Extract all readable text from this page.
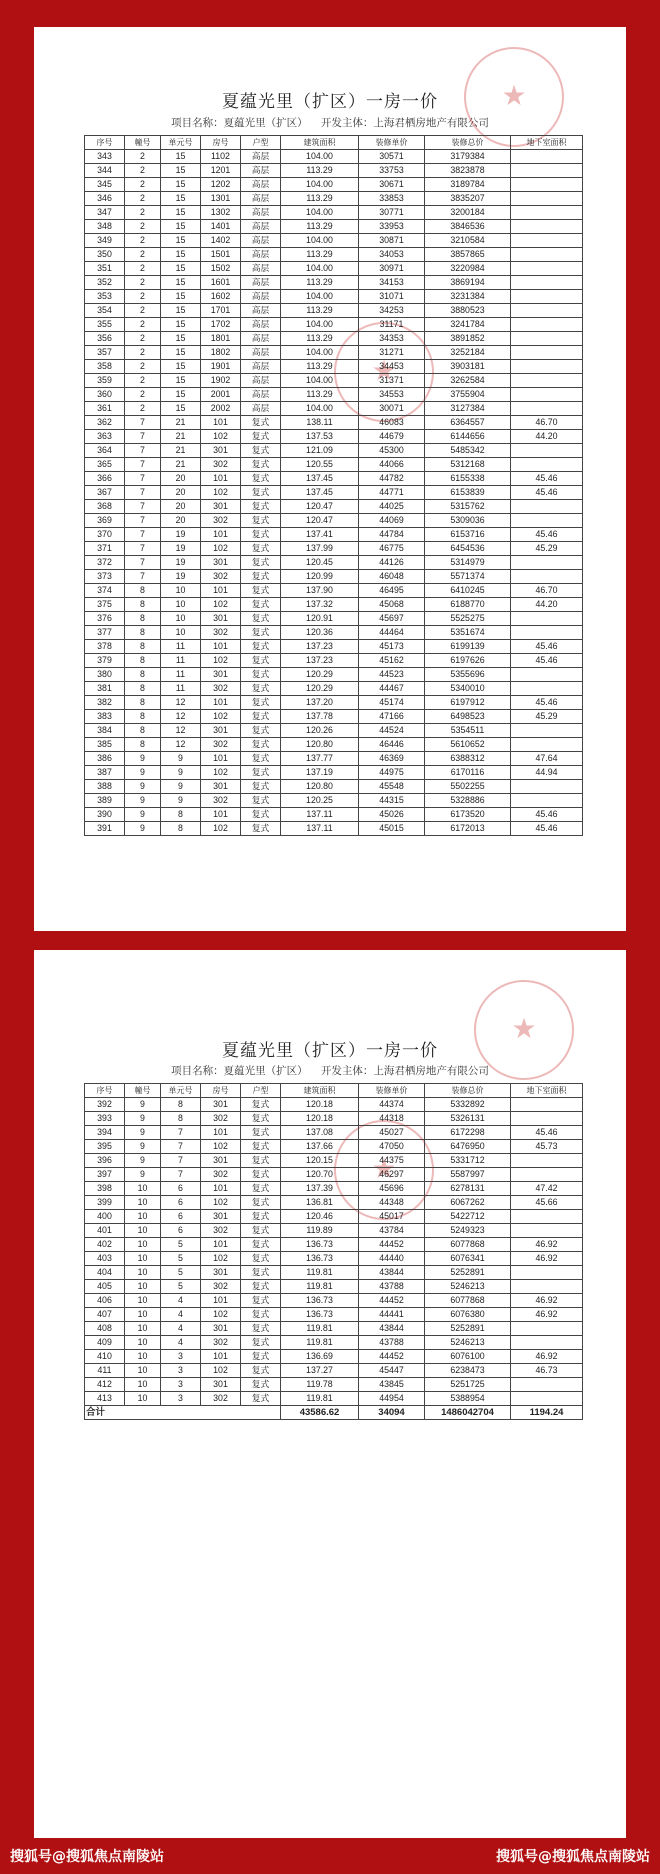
夏蕴光里（扩区）一房一价
项目名称：夏蕴光里（扩区） 开发主体：上海君栖房地产有限公司
★
★
序号	幢号	单元号	房号	户型	建筑面积	装修单价	装修总价	地下室面积
343	2	15	1102	高层	104.00	30571	3179384	
344	2	15	1201	高层	113.29	33753	3823878	
345	2	15	1202	高层	104.00	30671	3189784	
346	2	15	1301	高层	113.29	33853	3835207	
347	2	15	1302	高层	104.00	30771	3200184	
348	2	15	1401	高层	113.29	33953	3846536	
349	2	15	1402	高层	104.00	30871	3210584	
350	2	15	1501	高层	113.29	34053	3857865	
351	2	15	1502	高层	104.00	30971	3220984	
352	2	15	1601	高层	113.29	34153	3869194	
353	2	15	1602	高层	104.00	31071	3231384	
354	2	15	1701	高层	113.29	34253	3880523	
355	2	15	1702	高层	104.00	31171	3241784	
356	2	15	1801	高层	113.29	34353	3891852	
357	2	15	1802	高层	104.00	31271	3252184	
358	2	15	1901	高层	113.29	34453	3903181	
359	2	15	1902	高层	104.00	31371	3262584	
360	2	15	2001	高层	113.29	34553	3755904	
361	2	15	2002	高层	104.00	30071	3127384	
362	7	21	101	复式	138.11	46083	6364557	46.70
363	7	21	102	复式	137.53	44679	6144656	44.20
364	7	21	301	复式	121.09	45300	5485342	
365	7	21	302	复式	120.55	44066	5312168	
366	7	20	101	复式	137.45	44782	6155338	45.46
367	7	20	102	复式	137.45	44771	6153839	45.46
368	7	20	301	复式	120.47	44025	5315762	
369	7	20	302	复式	120.47	44069	5309036	
370	7	19	101	复式	137.41	44784	6153716	45.46
371	7	19	102	复式	137.99	46775	6454536	45.29
372	7	19	301	复式	120.45	44126	5314979	
373	7	19	302	复式	120.99	46048	5571374	
374	8	10	101	复式	137.90	46495	6410245	46.70
375	8	10	102	复式	137.32	45068	6188770	44.20
376	8	10	301	复式	120.91	45697	5525275	
377	8	10	302	复式	120.36	44464	5351674	
378	8	11	101	复式	137.23	45173	6199139	45.46
379	8	11	102	复式	137.23	45162	6197626	45.46
380	8	11	301	复式	120.29	44523	5355696	
381	8	11	302	复式	120.29	44467	5340010	
382	8	12	101	复式	137.20	45174	6197912	45.46
383	8	12	102	复式	137.78	47166	6498523	45.29
384	8	12	301	复式	120.26	44524	5354511	
385	8	12	302	复式	120.80	46446	5610652	
386	9	9	101	复式	137.77	46369	6388312	47.64
387	9	9	102	复式	137.19	44975	6170116	44.94
388	9	9	301	复式	120.80	45548	5502255	
389	9	9	302	复式	120.25	44315	5328886	
390	9	8	101	复式	137.11	45026	6173520	45.46
391	9	8	102	复式	137.11	45015	6172013	45.46
夏蕴光里（扩区）一房一价
项目名称：夏蕴光里（扩区） 开发主体：上海君栖房地产有限公司
★
★
序号	幢号	单元号	房号	户型	建筑面积	装修单价	装修总价	地下室面积
392	9	8	301	复式	120.18	44374	5332892	
393	9	8	302	复式	120.18	44318	5326131	
394	9	7	101	复式	137.08	45027	6172298	45.46
395	9	7	102	复式	137.66	47050	6476950	45.73
396	9	7	301	复式	120.15	44375	5331712	
397	9	7	302	复式	120.70	46297	5587997	
398	10	6	101	复式	137.39	45696	6278131	47.42
399	10	6	102	复式	136.81	44348	6067262	45.66
400	10	6	301	复式	120.46	45017	5422712	
401	10	6	302	复式	119.89	43784	5249323	
402	10	5	101	复式	136.73	44452	6077868	46.92
403	10	5	102	复式	136.73	44440	6076341	46.92
404	10	5	301	复式	119.81	43844	5252891	
405	10	5	302	复式	119.81	43788	5246213	
406	10	4	101	复式	136.73	44452	6077868	46.92
407	10	4	102	复式	136.73	44441	6076380	46.92
408	10	4	301	复式	119.81	43844	5252891	
409	10	4	302	复式	119.81	43788	5246213	
410	10	3	101	复式	136.69	44452	6076100	46.92
411	10	3	102	复式	137.27	45447	6238473	46.73
412	10	3	301	复式	119.78	43845	5251725	
413	10	3	302	复式	119.81	44954	5388954	
合计					43586.62	34094	1486042704	1194.24
搜狐号@搜狐焦点南陵站	搜狐号@搜狐焦点南陵站
